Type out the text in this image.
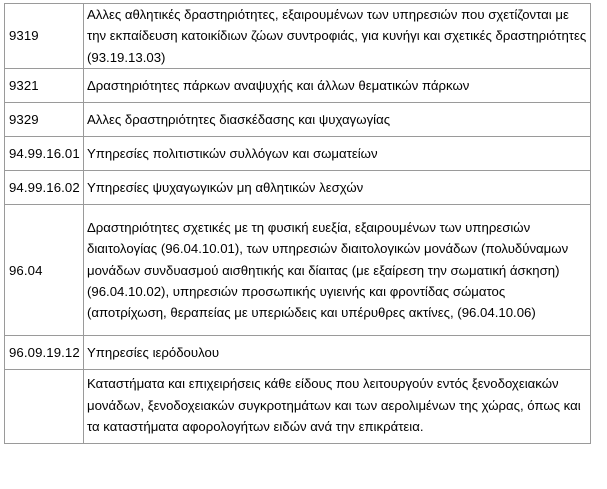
9319	Αλλες αθλητικές δραστηριότητες, εξαιρουμένων των υπηρεσιών που σχετίζονται με την εκπαίδευση κατοικίδιων ζώων συντροφιάς, για κυνήγι και σχετικές δραστηριότητες (93.19.13.03)
9321	Δραστηριότητες πάρκων αναψυχής και άλλων θεματικών πάρκων
9329	Αλλες δραστηριότητες διασκέδασης και ψυχαγωγίας
94.99.16.01	Υπηρεσίες πολιτιστικών συλλόγων και σωματείων
94.99.16.02	Υπηρεσίες ψυχαγωγικών μη αθλητικών λεσχών
96.04	Δραστηριότητες σχετικές με τη φυσική ευεξία, εξαιρουμένων των υπηρεσιών διαιτολογίας (96.04.10.01), των υπηρεσιών διαιτολογικών μονάδων (πολυδύναμων μονάδων συνδυασμού αισθητικής και δίαιτας (με εξαίρεση την σωματική άσκηση) (96.04.10.02), υπηρεσιών προσωπικής υγιεινής και φροντίδας σώματος (αποτρίχωση, θεραπείας με υπεριώδεις και υπέρυθρες ακτίνες, (96.04.10.06)
96.09.19.12	Υπηρεσίες ιερόδουλου
	Καταστήματα και επιχειρήσεις κάθε είδους που λειτουργούν εντός ξενοδοχειακών μονάδων, ξενοδοχειακών συγκροτημάτων και των αερολιμένων της χώρας, όπως και τα καταστήματα αφορολογήτων ειδών ανά την επικράτεια.
